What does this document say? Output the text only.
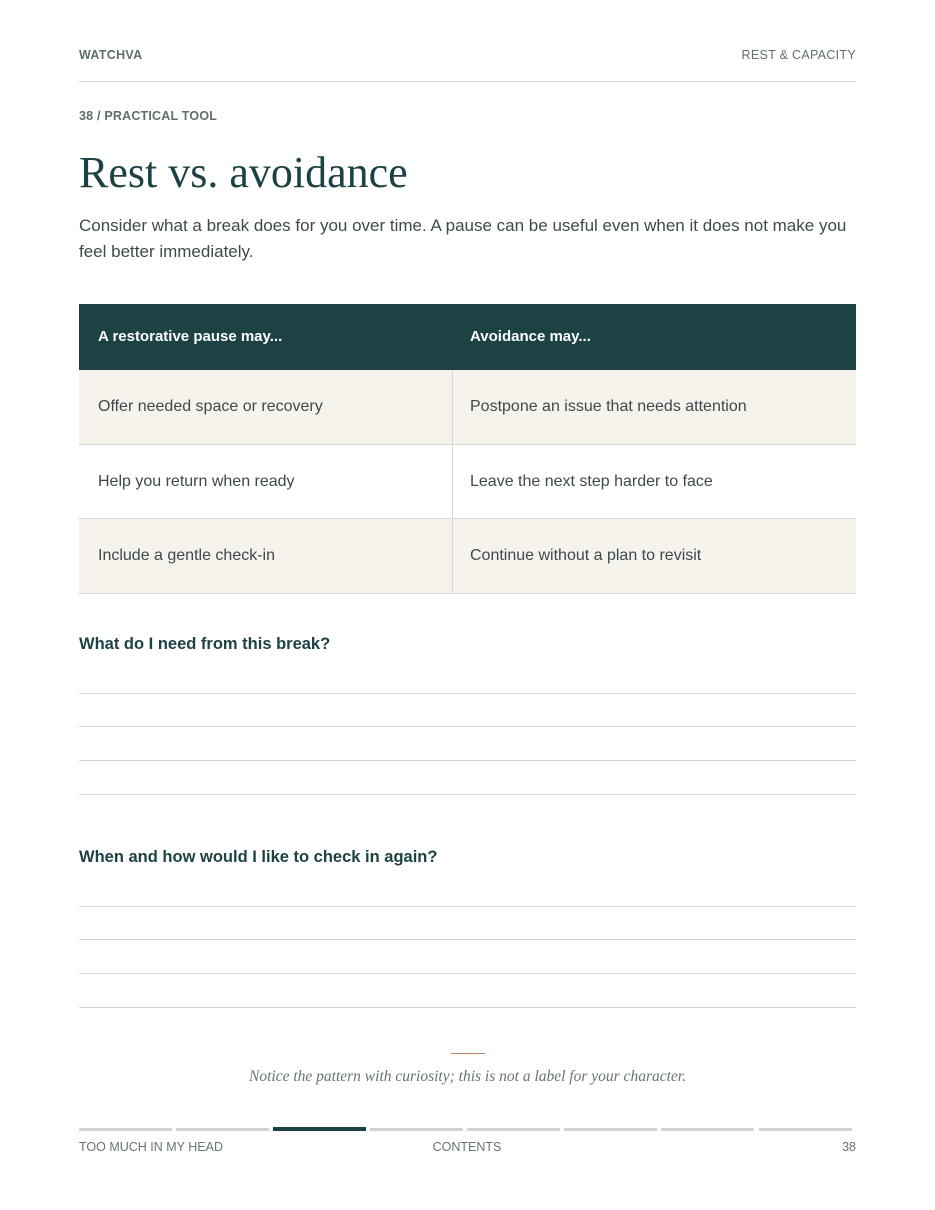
WATCHVA	REST & CAPACITY
38 / PRACTICAL TOOL
Rest vs. avoidance

Consider what a break does for you over time. A pause can be useful even when it does not make you feel better immediately.

A restorative pause may...	Avoidance may...
Offer needed space or recovery	Postpone an issue that needs attention
Help you return when ready	Leave the next step harder to face
Include a gentle check-in	Continue without a plan to revisit
What do I need from this break?
When and how would I like to check in again?
Notice the pattern with curiosity; this is not a label for your character.
TOO MUCH IN MY HEAD	CONTENTS	38
